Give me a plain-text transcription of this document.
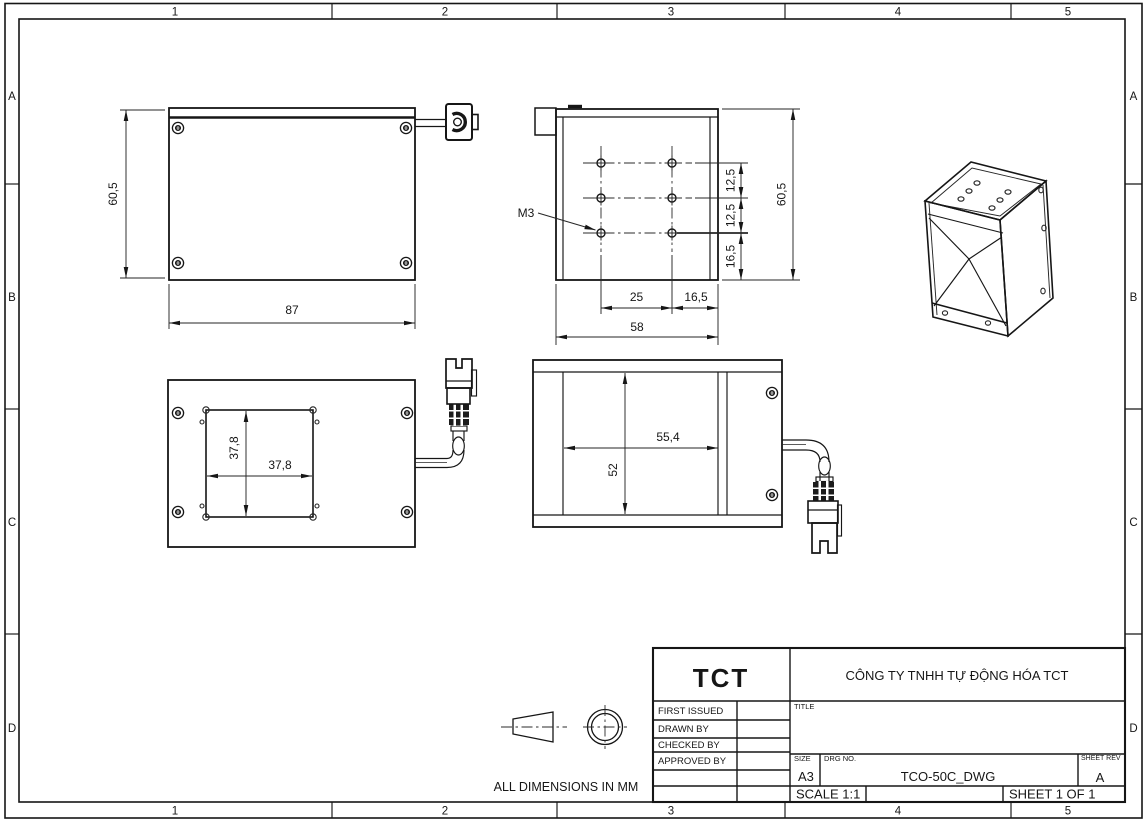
1	2	3	4	5
1	2	3	4	5
A
B
C
D
A
B
C
D
60,5
87
M3
12,5
12,5
16,5
60,5
25	16,5
58
37,8
37,8
55,4
52
ALL DIMENSIONS IN MM
TCT	CÔNG TY TNHH TỰ ĐỘNG HÓA TCT
FIRST ISSUED
DRAWN BY
CHECKED BY
APPROVED BY
TITLE
SIZE
A3
DRG NO.
TCO-50C_DWG
SHEET REV
A
SCALE 1:1	SHEET 1 OF 1
